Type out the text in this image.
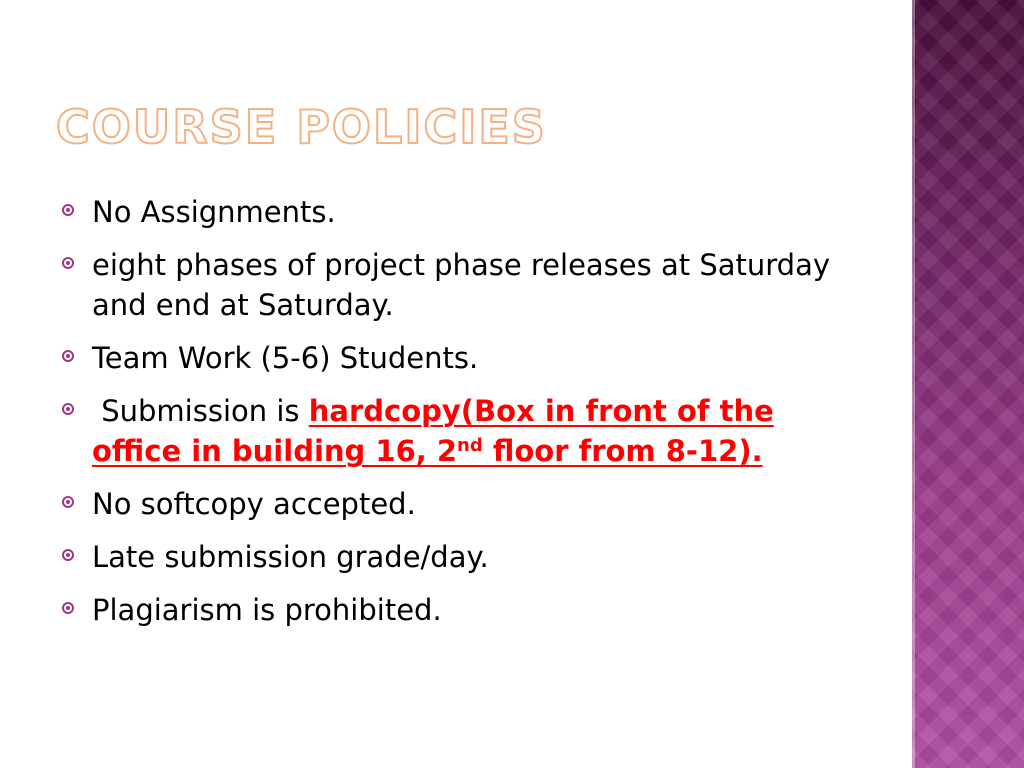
COURSE POLICIES
No Assignments.
eight phases of project phase releases at Saturday and end at Saturday.
Team Work (5-6) Students.
Submission is hardcopy(Box in front of the office in building 16, 2nd floor from 8-12).
No softcopy accepted.
Late submission grade/day.
Plagiarism is prohibited.
